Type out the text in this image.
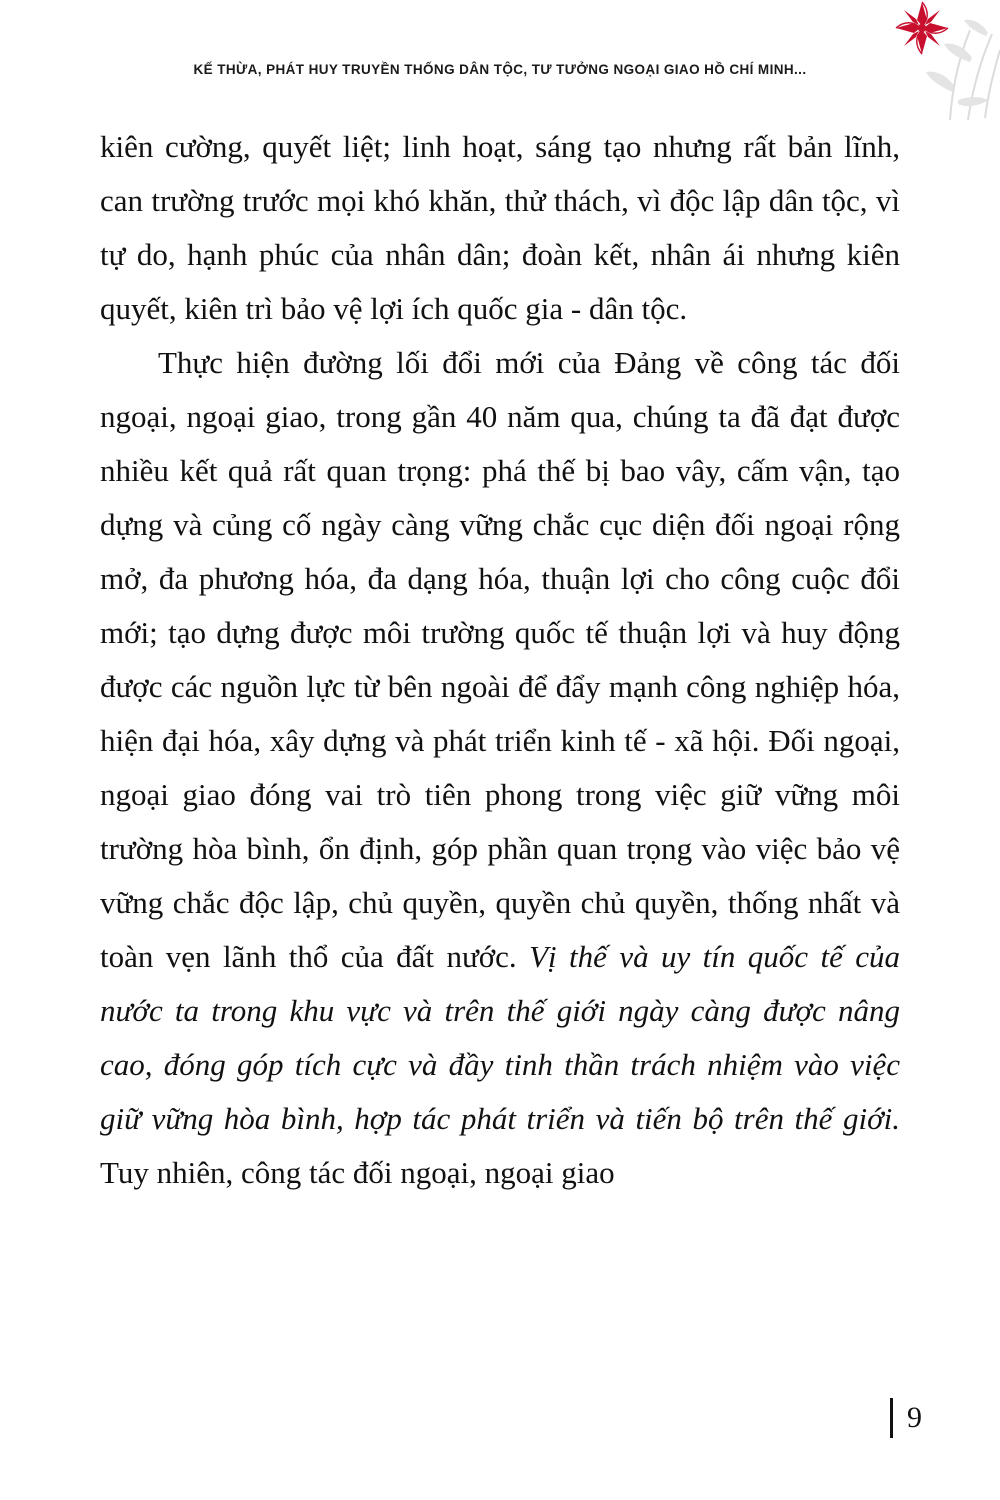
KẾ THỪA, PHÁT HUY TRUYỀN THỐNG DÂN TỘC, TƯ TƯỞNG NGOẠI GIAO HỒ CHÍ MINH...

kiên cường, quyết liệt; linh hoạt, sáng tạo nhưng rất bản lĩnh, can trường trước mọi khó khăn, thử thách, vì độc lập dân tộc, vì tự do, hạnh phúc của nhân dân; đoàn kết, nhân ái nhưng kiên quyết, kiên trì bảo vệ lợi ích quốc gia - dân tộc.

Thực hiện đường lối đổi mới của Đảng về công tác đối ngoại, ngoại giao, trong gần 40 năm qua, chúng ta đã đạt được nhiều kết quả rất quan trọng: phá thế bị bao vây, cấm vận, tạo dựng và củng cố ngày càng vững chắc cục diện đối ngoại rộng mở, đa phương hóa, đa dạng hóa, thuận lợi cho công cuộc đổi mới; tạo dựng được môi trường quốc tế thuận lợi và huy động được các nguồn lực từ bên ngoài để đẩy mạnh công nghiệp hóa, hiện đại hóa, xây dựng và phát triển kinh tế - xã hội. Đối ngoại, ngoại giao đóng vai trò tiên phong trong việc giữ vững môi trường hòa bình, ổn định, góp phần quan trọng vào việc bảo vệ vững chắc độc lập, chủ quyền, quyền chủ quyền, thống nhất và toàn vẹn lãnh thổ của đất nước. Vị thế và uy tín quốc tế của nước ta trong khu vực và trên thế giới ngày càng được nâng cao, đóng góp tích cực và đầy tinh thần trách nhiệm vào việc giữ vững hòa bình, hợp tác phát triển và tiến bộ trên thế giới. Tuy nhiên, công tác đối ngoại, ngoại giao

9
